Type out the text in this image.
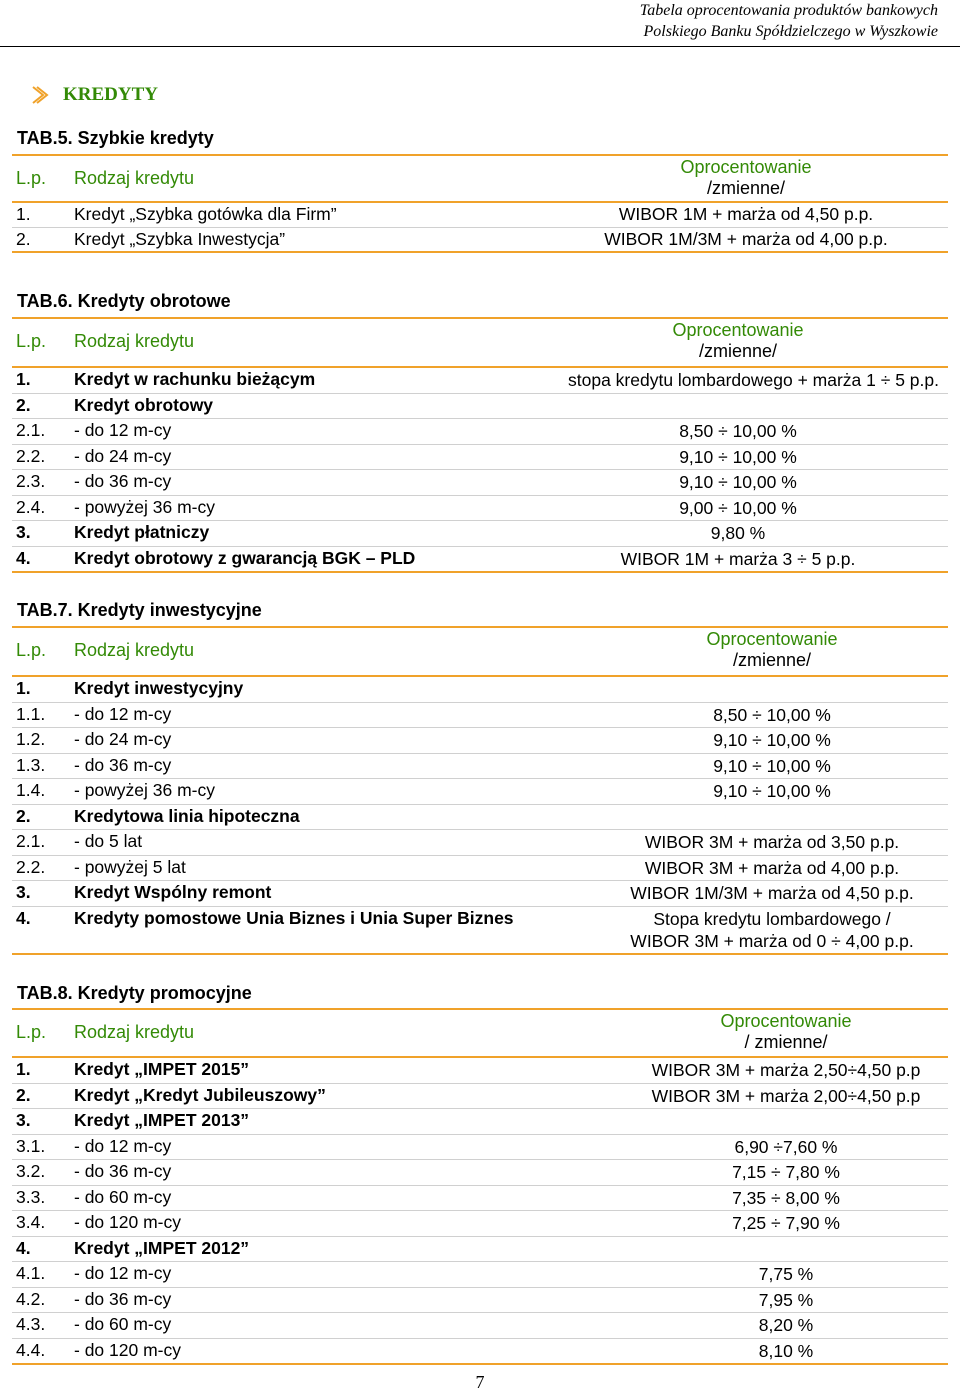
Tabela oprocentowania produktów bankowych
Polskiego Banku Spółdzielczego w Wyszkowie
KREDYTY
TAB.5. Szybkie kredyty
L.p. Rodzaj kredytu
Oprocentowanie
/zmienne/
1. Kredyt „Szybka gotówka dla Firm”	WIBOR 1M + marża od 4,50 p.p.
2. Kredyt „Szybka Inwestycja”	WIBOR 1M/3M + marża od 4,00 p.p.
TAB.6. Kredyty obrotowe
L.p. Rodzaj kredytu
Oprocentowanie
/zmienne/
1. Kredyt w rachunku bieżącym	stopa kredytu lombardowego + marża 1 ÷ 5 p.p.
2. Kredyt obrotowy
2.1. - do 12 m-cy	8,50 ÷ 10,00 %
2.2. - do 24 m-cy	9,10 ÷ 10,00 %
2.3. - do 36 m-cy	9,10 ÷ 10,00 %
2.4. - powyżej 36 m-cy	9,00 ÷ 10,00 %
3. Kredyt płatniczy	9,80 %
4. Kredyt obrotowy z gwarancją BGK – PLD	WIBOR 1M + marża 3 ÷ 5 p.p.
TAB.7. Kredyty inwestycyjne
L.p. Rodzaj kredytu
Oprocentowanie
/zmienne/
1. Kredyt inwestycyjny
1.1. - do 12 m-cy	8,50 ÷ 10,00 %
1.2. - do 24 m-cy	9,10 ÷ 10,00 %
1.3. - do 36 m-cy	9,10 ÷ 10,00 %
1.4. - powyżej 36 m-cy	9,10 ÷ 10,00 %
2. Kredytowa linia hipoteczna
2.1. - do 5 lat	WIBOR 3M + marża od 3,50 p.p.
2.2. - powyżej 5 lat	WIBOR 3M + marża od 4,00 p.p.
3. Kredyt Wspólny remont	WIBOR 1M/3M + marża od 4,50 p.p.
4. Kredyty pomostowe Unia Biznes i Unia Super Biznes	Stopa kredytu lombardowego /
WIBOR 3M + marża od 0 ÷ 4,00 p.p.
TAB.8. Kredyty promocyjne
L.p. Rodzaj kredytu
Oprocentowanie
/ zmienne/
1. Kredyt „IMPET 2015”	WIBOR 3M + marża 2,50÷4,50 p.p
2. Kredyt „Kredyt Jubileuszowy”	WIBOR 3M + marża 2,00÷4,50 p.p
3. Kredyt „IMPET 2013”
3.1. - do 12 m-cy	6,90 ÷7,60 %
3.2. - do 36 m-cy	7,15 ÷ 7,80 %
3.3. - do 60 m-cy	7,35 ÷ 8,00 %
3.4. - do 120 m-cy	7,25 ÷ 7,90 %
4. Kredyt „IMPET 2012”
4.1. - do 12 m-cy	7,75 %
4.2. - do 36 m-cy	7,95 %
4.3. - do 60 m-cy	8,20 %
4.4. - do 120 m-cy	8,10 %
7
